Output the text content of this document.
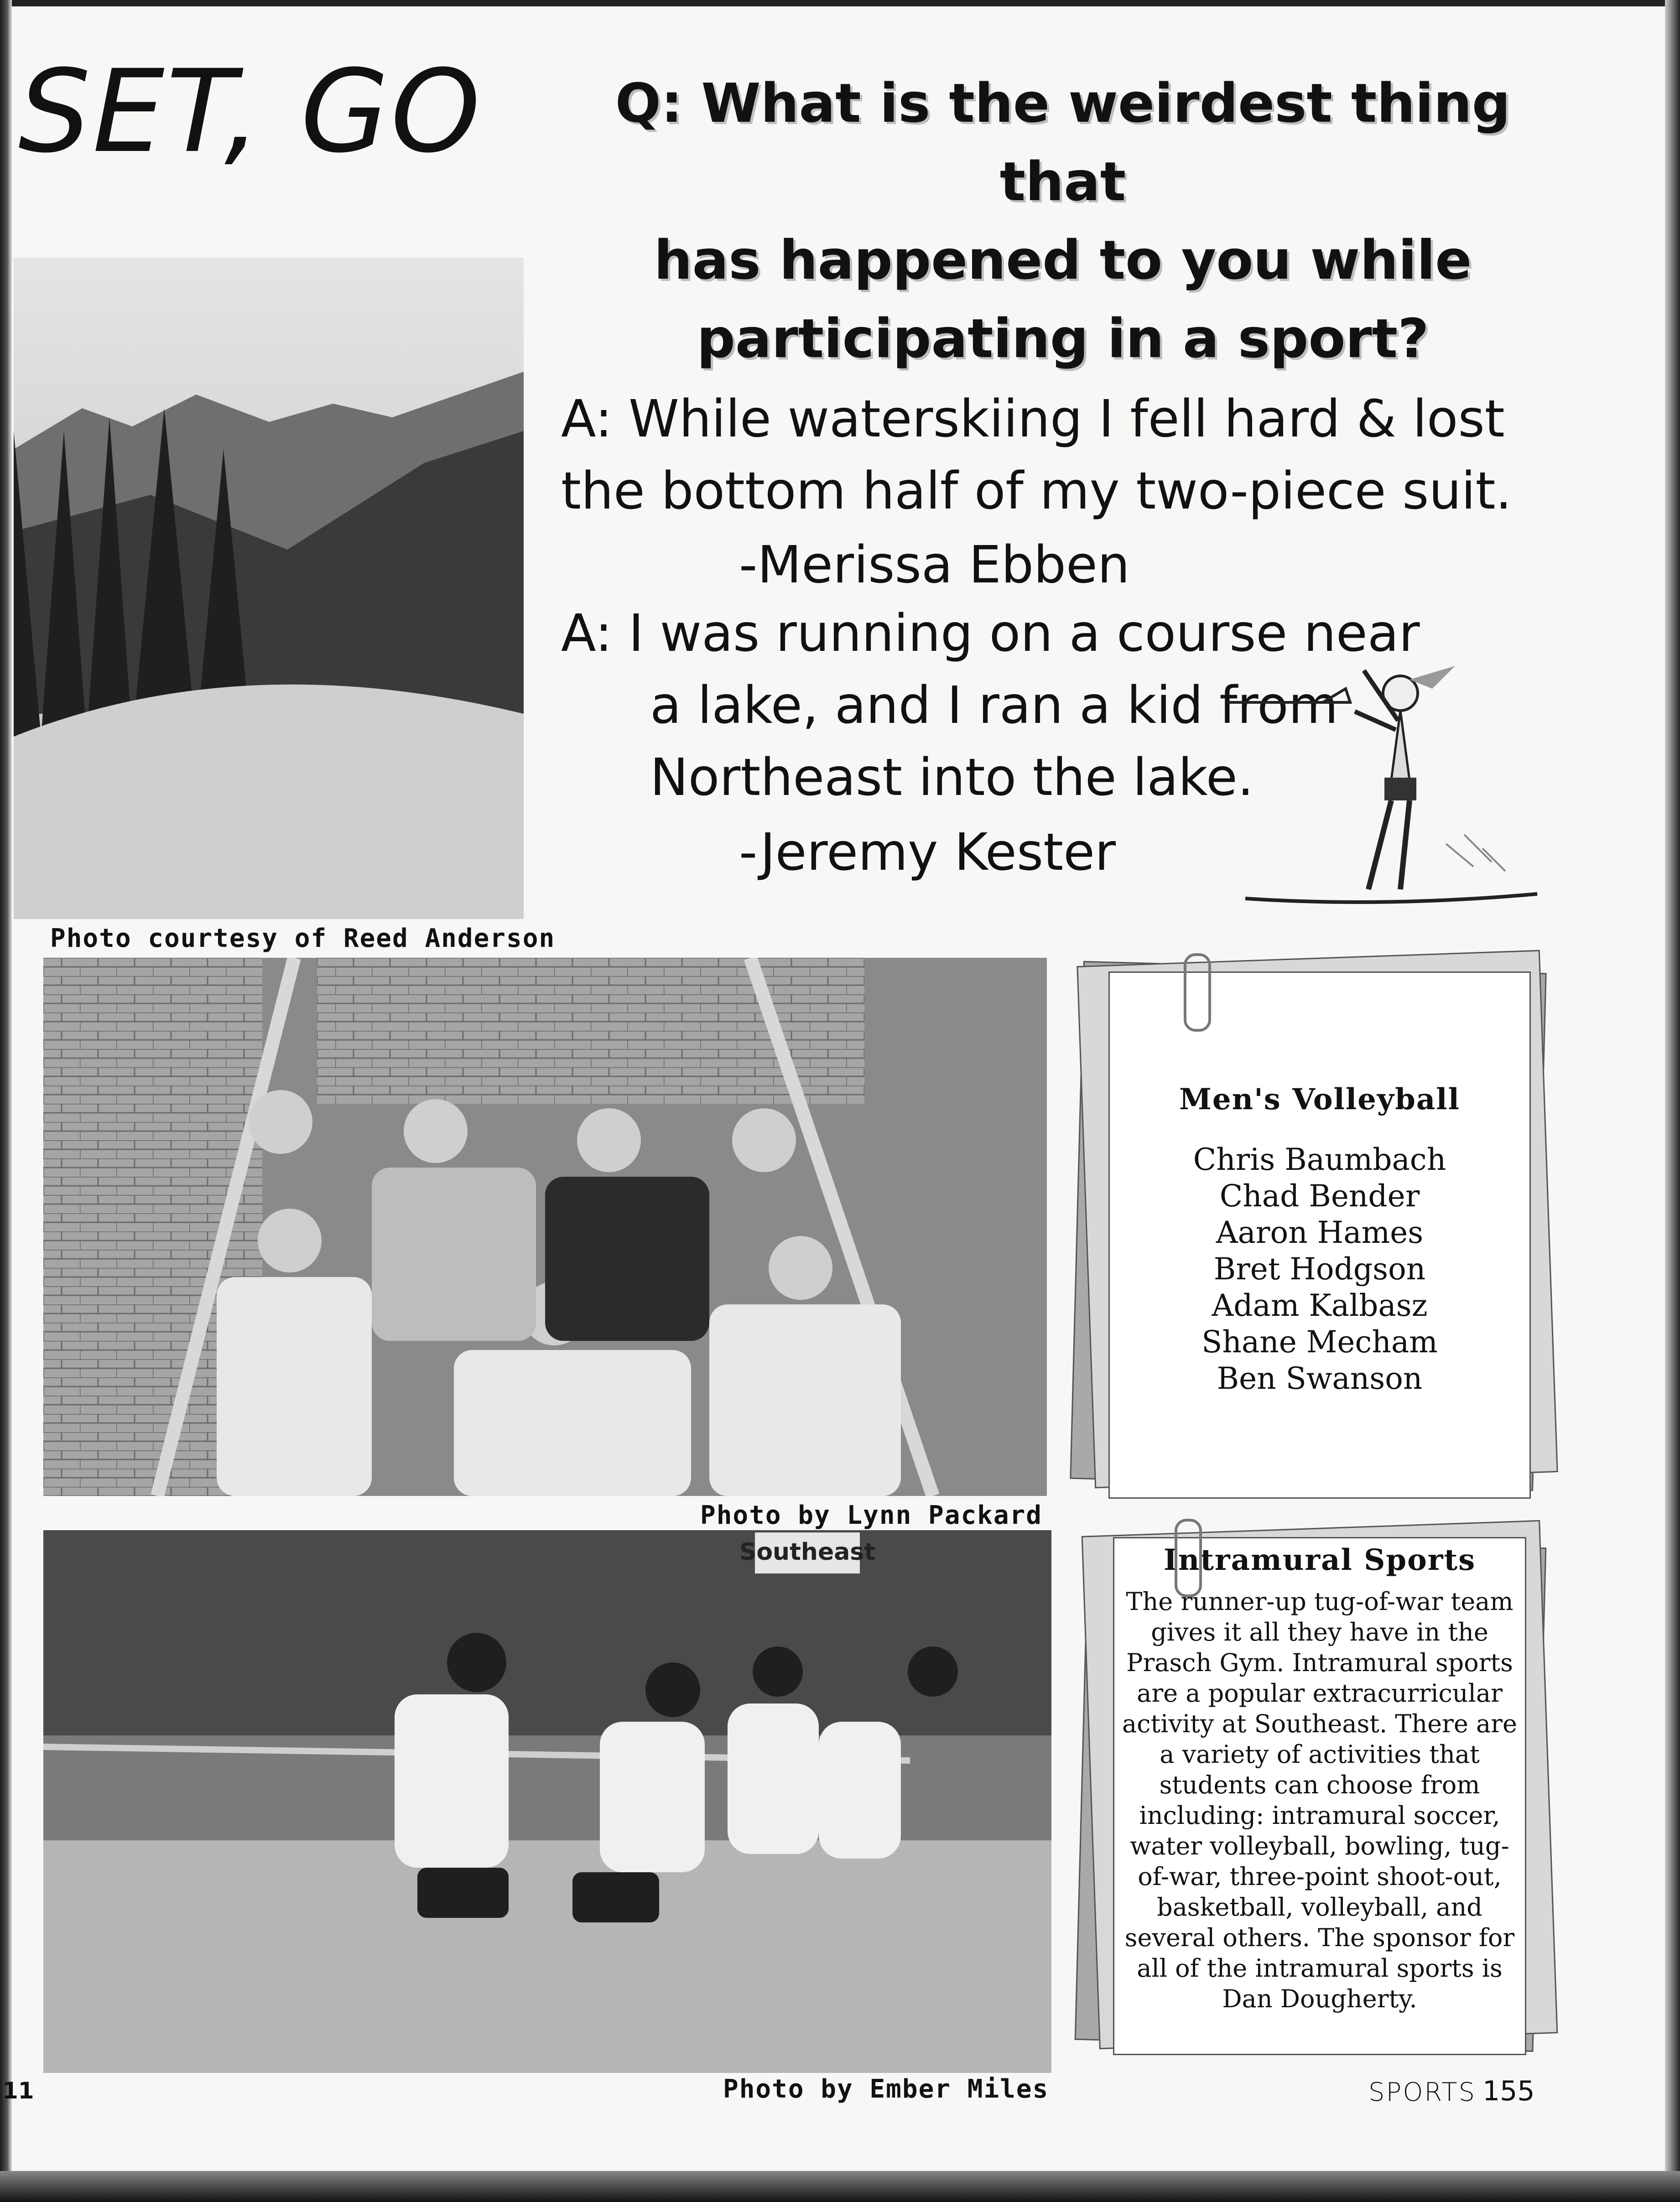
SET, GO	Q: What is the weirdest thing that
has happened to you while
participating in a sport?
A: While waterskiing I fell hard & lost
the bottom half of my two-piece suit.
-Merissa Ebben
A: I was running on a course near
a lake, and I ran a kid from
Northeast into the lake.
-Jeremy Kester
Photo courtesy of Reed Anderson
Photo by Lynn Packard
Southeast
Photo by Ember Miles
Men's Volleyball
Chris Baumbach
Chad Bender
Aaron Hames
Bret Hodgson
Adam Kalbasz
Shane Mecham
Ben Swanson
Intramural Sports
The runner-up tug-of-war team
gives it all they have in the
Prasch Gym. Intramural sports
are a popular extracurricular
activity at Southeast. There are
a variety of activities that
students can choose from
including: intramural soccer,
water volleyball, bowling, tug-
of-war, three-point shoot-out,
basketball, volleyball, and
several others. The sponsor for
all of the intramural sports is
Dan Dougherty.
11	SPORTS 155
